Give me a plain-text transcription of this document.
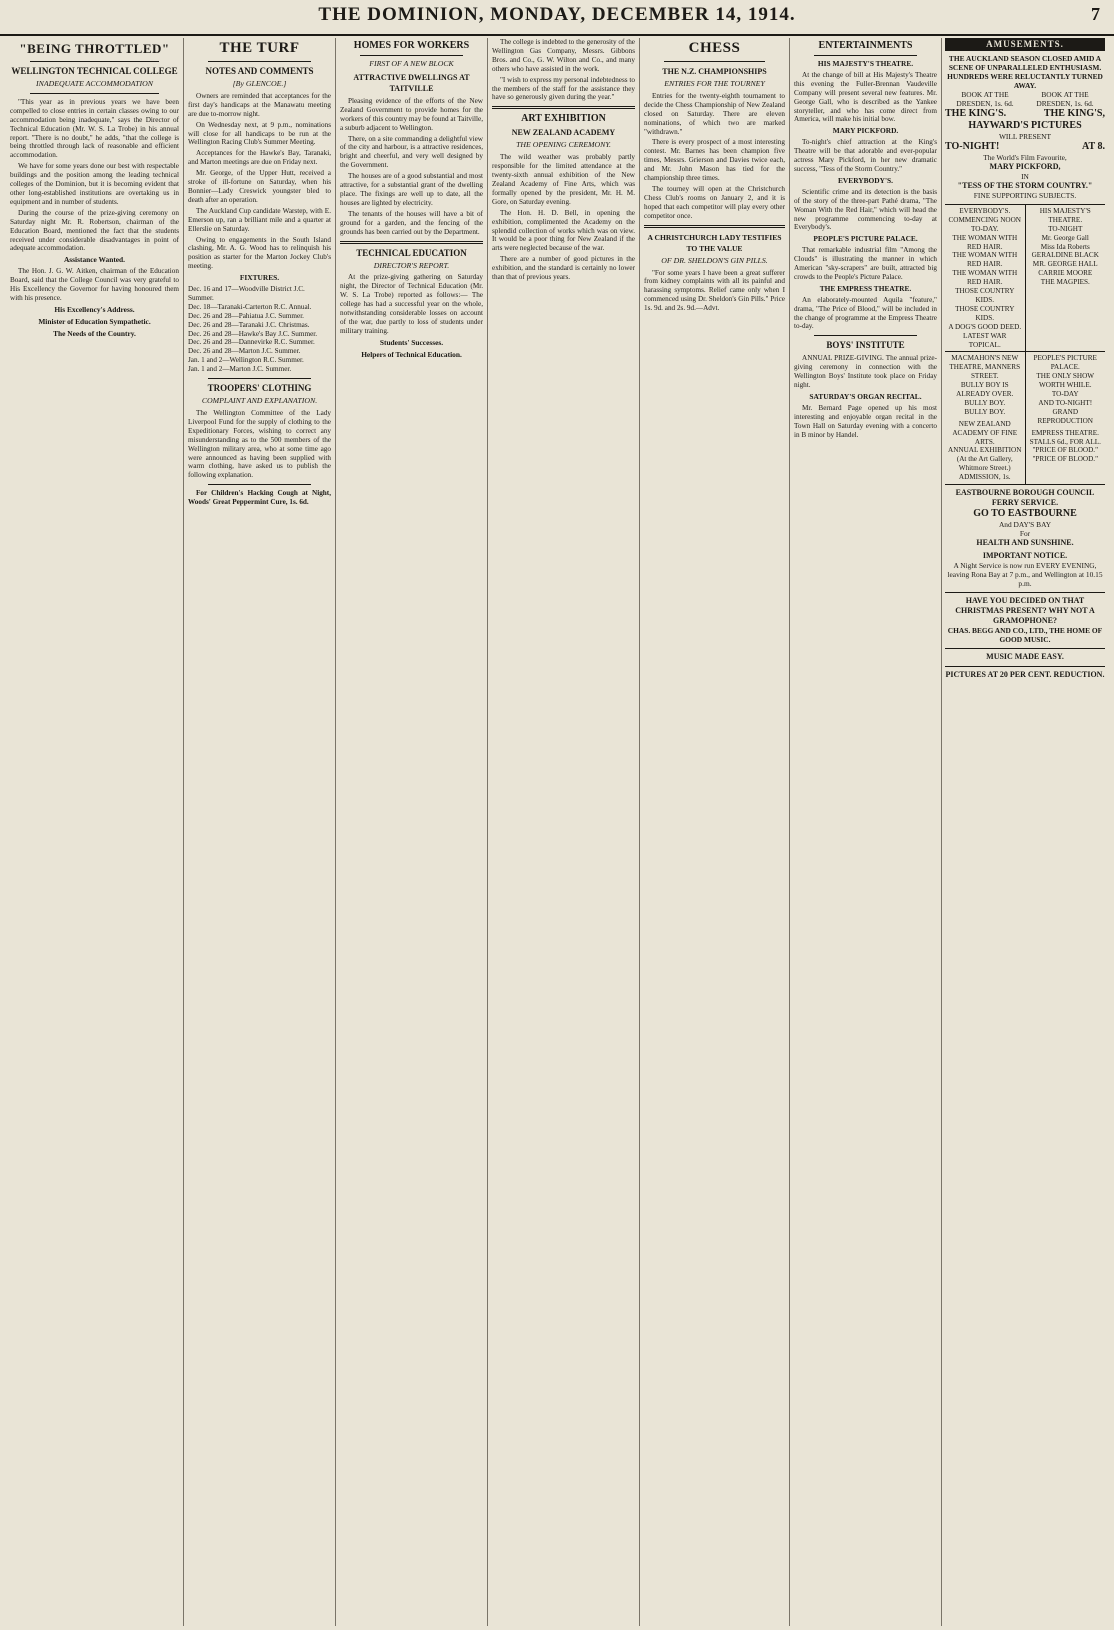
THE DOMINION, MONDAY, DECEMBER 14, 1914.	7
"BEING THROTTLED"
WELLINGTON TECHNICAL COLLEGE
INADEQUATE ACCOMMODATION

"This year as in previous years we have been compelled to close entries in certain classes owing to our accommodation being inadequate," says the Director of Technical Education (Mr. W. S. La Trobe) in his annual report. "There is no doubt," he adds, "that the college is being throttled through lack of reasonable and efficient accommodation.

We have for some years done our best with respectable buildings and the position among the leading technical colleges of the Dominion, but it is becoming evident that other long-established institutions are overtaking us in equipment and in number of students.

During the course of the prize-giving ceremony on Saturday night Mr. R. Robertson, chairman of the Education Board, mentioned the fact that the students received under considerable disadvantages in point of adequate accommodation.

Assistance Wanted.

The Hon. J. G. W. Aitken, chairman of the Education Board, said that the College Council was very grateful to His Excellency the Governor for having honoured them with his presence.

His Excellency's Address.
Minister of Education Sympathetic.
The Needs of the Country.
THE TURF
NOTES AND COMMENTS
[By GLENCOE.]

Owners are reminded that acceptances for the first day's handicaps at the Manawatu meeting are due to-morrow night.

On Wednesday next, at 9 p.m., nominations will close for all handicaps to be run at the Wellington Racing Club's Summer Meeting.

Acceptances for the Hawke's Bay, Taranaki, and Marton meetings are due on Friday next.

Mr. George, of the Upper Hutt, received a stroke of ill-fortune on Saturday, when his Bonnier—Lady Creswick youngster bled to death after an operation.

The Auckland Cup candidate Warstep, with E. Emerson up, ran a brilliant mile and a quarter at Ellerslie on Saturday.

Owing to engagements in the South Island clashing, Mr. A. G. Wood has to relinquish his position as starter for the Marton Jockey Club's meeting.

FIXTURES.
Dec. 16 and 17—Woodville District J.C. Summer.
Dec. 18—Taranaki-Carterton R.C. Annual.
Dec. 26 and 28—Pahiatua J.C. Summer.
Dec. 26 and 28—Taranaki J.C. Christmas.
Dec. 26 and 28—Hawke's Bay J.C. Summer.
Dec. 26 and 28—Dannevirke R.C. Summer.
Dec. 26 and 28—Marton J.C. Summer.
Jan. 1 and 2—Wellington R.C. Summer.
Jan. 1 and 2—Marton J.C. Summer.
TROOPERS' CLOTHING
COMPLAINT AND EXPLANATION.

The Wellington Committee of the Lady Liverpool Fund for the supply of clothing to the Expeditionary Forces, wishing to correct any misunderstanding as to the 500 members of the Wellington military area, who at some time ago were announced as having been supplied with warm clothing, have asked us to publish the following explanation.

For Children's Hacking Cough at Night, Woods' Great Peppermint Cure, 1s. 6d.

HOMES FOR WORKERS
FIRST OF A NEW BLOCK
ATTRACTIVE DWELLINGS AT TAITVILLE

Pleasing evidence of the efforts of the New Zealand Government to provide homes for the workers of this country may be found at Taitville, a suburb adjacent to Wellington.

There, on a site commanding a delightful view of the city and harbour, is a attractive residences, bright and cheerful, and very well designed by the Government.

The houses are of a good substantial and most attractive, for a substantial grant of the dwelling place. The fixings are well up to date, all the houses are lighted by electricity.

The tenants of the houses will have a bit of ground for a garden, and the fencing of the grounds has been carried out by the Department.

TECHNICAL EDUCATION
DIRECTOR'S REPORT.

At the prize-giving gathering on Saturday night, the Director of Technical Education (Mr. W. S. La Trobe) reported as follows:— The college has had a successful year on the whole, notwithstanding considerable losses on account of the war, due partly to loss of students under military training.

Students' Successes.
Helpers of Technical Education.

The college is indebted to the generosity of the Wellington Gas Company, Messrs. Gibbons Bros. and Co., G. W. Wilton and Co., and many others who have assisted in the work.

"I wish to express my personal indebtedness to the members of the staff for the assistance they have so generously given during the year."

ART EXHIBITION
NEW ZEALAND ACADEMY
THE OPENING CEREMONY.

The wild weather was probably partly responsible for the limited attendance at the twenty-sixth annual exhibition of the New Zealand Academy of Fine Arts, which was formally opened by the president, Mr. H. M. Gore, on Saturday evening.

The Hon. H. D. Bell, in opening the exhibition, complimented the Academy on the splendid collection of works which was on view. It would be a poor thing for New Zealand if the arts were neglected because of the war.

There are a number of good pictures in the exhibition, and the standard is certainly no lower than that of previous years.

CHESS
THE N.Z. CHAMPIONSHIPS
ENTRIES FOR THE TOURNEY

Entries for the twenty-eighth tournament to decide the Chess Championship of New Zealand closed on Saturday. There are eleven nominations, of which two are marked "withdrawn."

There is every prospect of a most interesting contest. Mr. Barnes has been champion five times, Messrs. Grierson and Davies twice each, and Mr. John Mason has tied for the championship three times.

The tourney will open at the Christchurch Chess Club's rooms on January 2, and it is hoped that each competitor will play every other competitor once.

A CHRISTCHURCH LADY TESTIFIES TO THE VALUE
OF DR. SHELDON'S GIN PILLS.

"For some years I have been a great sufferer from kidney complaints with all its painful and harassing symptoms. Relief came only when I commenced using Dr. Sheldon's Gin Pills." Price 1s. 9d. and 2s. 9d.—Advt.

ENTERTAINMENTS
HIS MAJESTY'S THEATRE.

At the change of bill at His Majesty's Theatre this evening the Fuller-Brennan Vaudeville Company will present several new features. Mr. George Gall, who is described as the Yankee storyteller, and who has come direct from America, will make his initial bow.

MARY PICKFORD.

To-night's chief attraction at the King's Theatre will be that adorable and ever-popular actress Mary Pickford, in her new dramatic success, "Tess of the Storm Country."

EVERYBODY'S.

Scientific crime and its detection is the basis of the story of the three-part Pathé drama, "The Woman With the Red Hair," which will head the new programme commencing to-day at Everybody's.

PEOPLE'S PICTURE PALACE.

That remarkable industrial film "Among the Clouds" is illustrating the manner in which American "sky-scrapers" are built, attracted big crowds to the People's Picture Palace.

THE EMPRESS THEATRE.

An elaborately-mounted Aquila "feature," drama, "The Price of Blood," will be included in the change of programme at the Empress Theatre to-day.

BOYS' INSTITUTE

ANNUAL PRIZE-GIVING. The annual prize-giving ceremony in connection with the Wellington Boys' Institute took place on Friday night.

SATURDAY'S ORGAN RECITAL.

Mr. Bernard Page opened up his most interesting and enjoyable organ recital in the Town Hall on Saturday evening with a concerto in B minor by Handel.

AMUSEMENTS.
THE AUCKLAND SEASON CLOSED AMID A SCENE OF UNPARALLELED ENTHUSIASM. HUNDREDS WERE RELUCTANTLY TURNED AWAY.
BOOK AT THE DRESDEN, 1s. 6d.
BOOK AT THE DRESDEN, 1s. 6d.
THE KING'S.	THE KING'S,
HAYWARD'S PICTURES
WILL PRESENT
TO-NIGHT!	AT 8.
The World's Film Favourite,
MARY PICKFORD,
IN
"TESS OF THE STORM COUNTRY."
FINE SUPPORTING SUBJECTS.
EVERYBODY'S.
COMMENCING NOON TO-DAY.
THE WOMAN WITH RED HAIR.
THE WOMAN WITH RED HAIR.
THE WOMAN WITH RED HAIR.
THOSE COUNTRY KIDS.
THOSE COUNTRY KIDS.
A DOG'S GOOD DEED.
LATEST WAR TOPICAL.
HIS MAJESTY'S THEATRE.
TO-NIGHT
Mr. George Gall
Miss Ida Roberts
GERALDINE BLACK
MR. GEORGE HALL
CARRIE MOORE
THE MAGPIES.
MACMAHON'S NEW THEATRE, MANNERS STREET.
BULLY BOY IS ALREADY OVER.
BULLY BOY.
BULLY BOY.
NEW ZEALAND ACADEMY OF FINE ARTS.
ANNUAL EXHIBITION
(At the Art Gallery, Whitmore Street.)
ADMISSION, 1s.
PEOPLE'S PICTURE PALACE.
THE ONLY SHOW WORTH WHILE.
TO-DAY
AND TO-NIGHT!
GRAND REPRODUCTION
EMPRESS THEATRE.
STALLS 6d., FOR ALL.
"PRICE OF BLOOD."
"PRICE OF BLOOD."
EASTBOURNE BOROUGH COUNCIL FERRY SERVICE.
GO TO EASTBOURNE
And DAY'S BAY
For
HEALTH AND SUNSHINE.
IMPORTANT NOTICE.
A Night Service is now run EVERY EVENING, leaving Rona Bay at 7 p.m., and Wellington at 10.15 p.m.
HAVE YOU DECIDED ON THAT CHRISTMAS PRESENT? WHY NOT A GRAMOPHONE?
CHAS. BEGG AND CO., LTD., THE HOME OF GOOD MUSIC.
MUSIC MADE EASY.
PICTURES AT 20 PER CENT. REDUCTION.
